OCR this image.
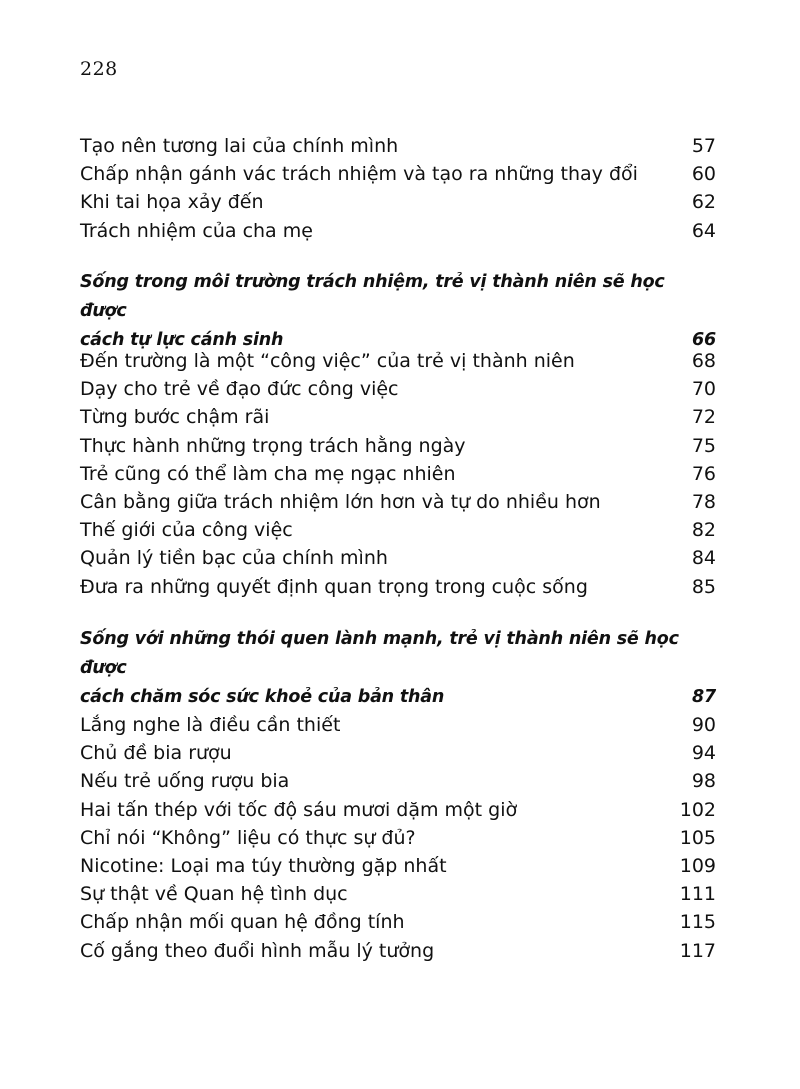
228
Tạo nên tương lai của chính mình	57
Chấp nhận gánh vác trách nhiệm và tạo ra những thay đổi	60
Khi tai họa xảy đến	62
Trách nhiệm của cha mẹ	64
Sống trong môi trường trách nhiệm, trẻ vị thành niên sẽ học được
cách tự lực cánh sinh	66
Đến trường là một “công việc” của trẻ vị thành niên	68
Dạy cho trẻ về đạo đức công việc	70
Từng bước chậm rãi	72
Thực hành những trọng trách hằng ngày	75
Trẻ cũng có thể làm cha mẹ ngạc nhiên	76
Cân bằng giữa trách nhiệm lớn hơn và tự do nhiều hơn	78
Thế giới của công việc	82
Quản lý tiền bạc của chính mình	84
Đưa ra những quyết định quan trọng trong cuộc sống	85
Sống với những thói quen lành mạnh, trẻ vị thành niên sẽ học được
cách chăm sóc sức khoẻ của bản thân	87
Lắng nghe là điều cần thiết	90
Chủ đề bia rượu	94
Nếu trẻ uống rượu bia	98
Hai tấn thép với tốc độ sáu mươi dặm một giờ	102
Chỉ nói “Không” liệu có thực sự đủ?	105
Nicotine: Loại ma túy thường gặp nhất	109
Sự thật về Quan hệ tình dục	111
Chấp nhận mối quan hệ đồng tính	115
Cố gắng theo đuổi hình mẫu lý tưởng	117
